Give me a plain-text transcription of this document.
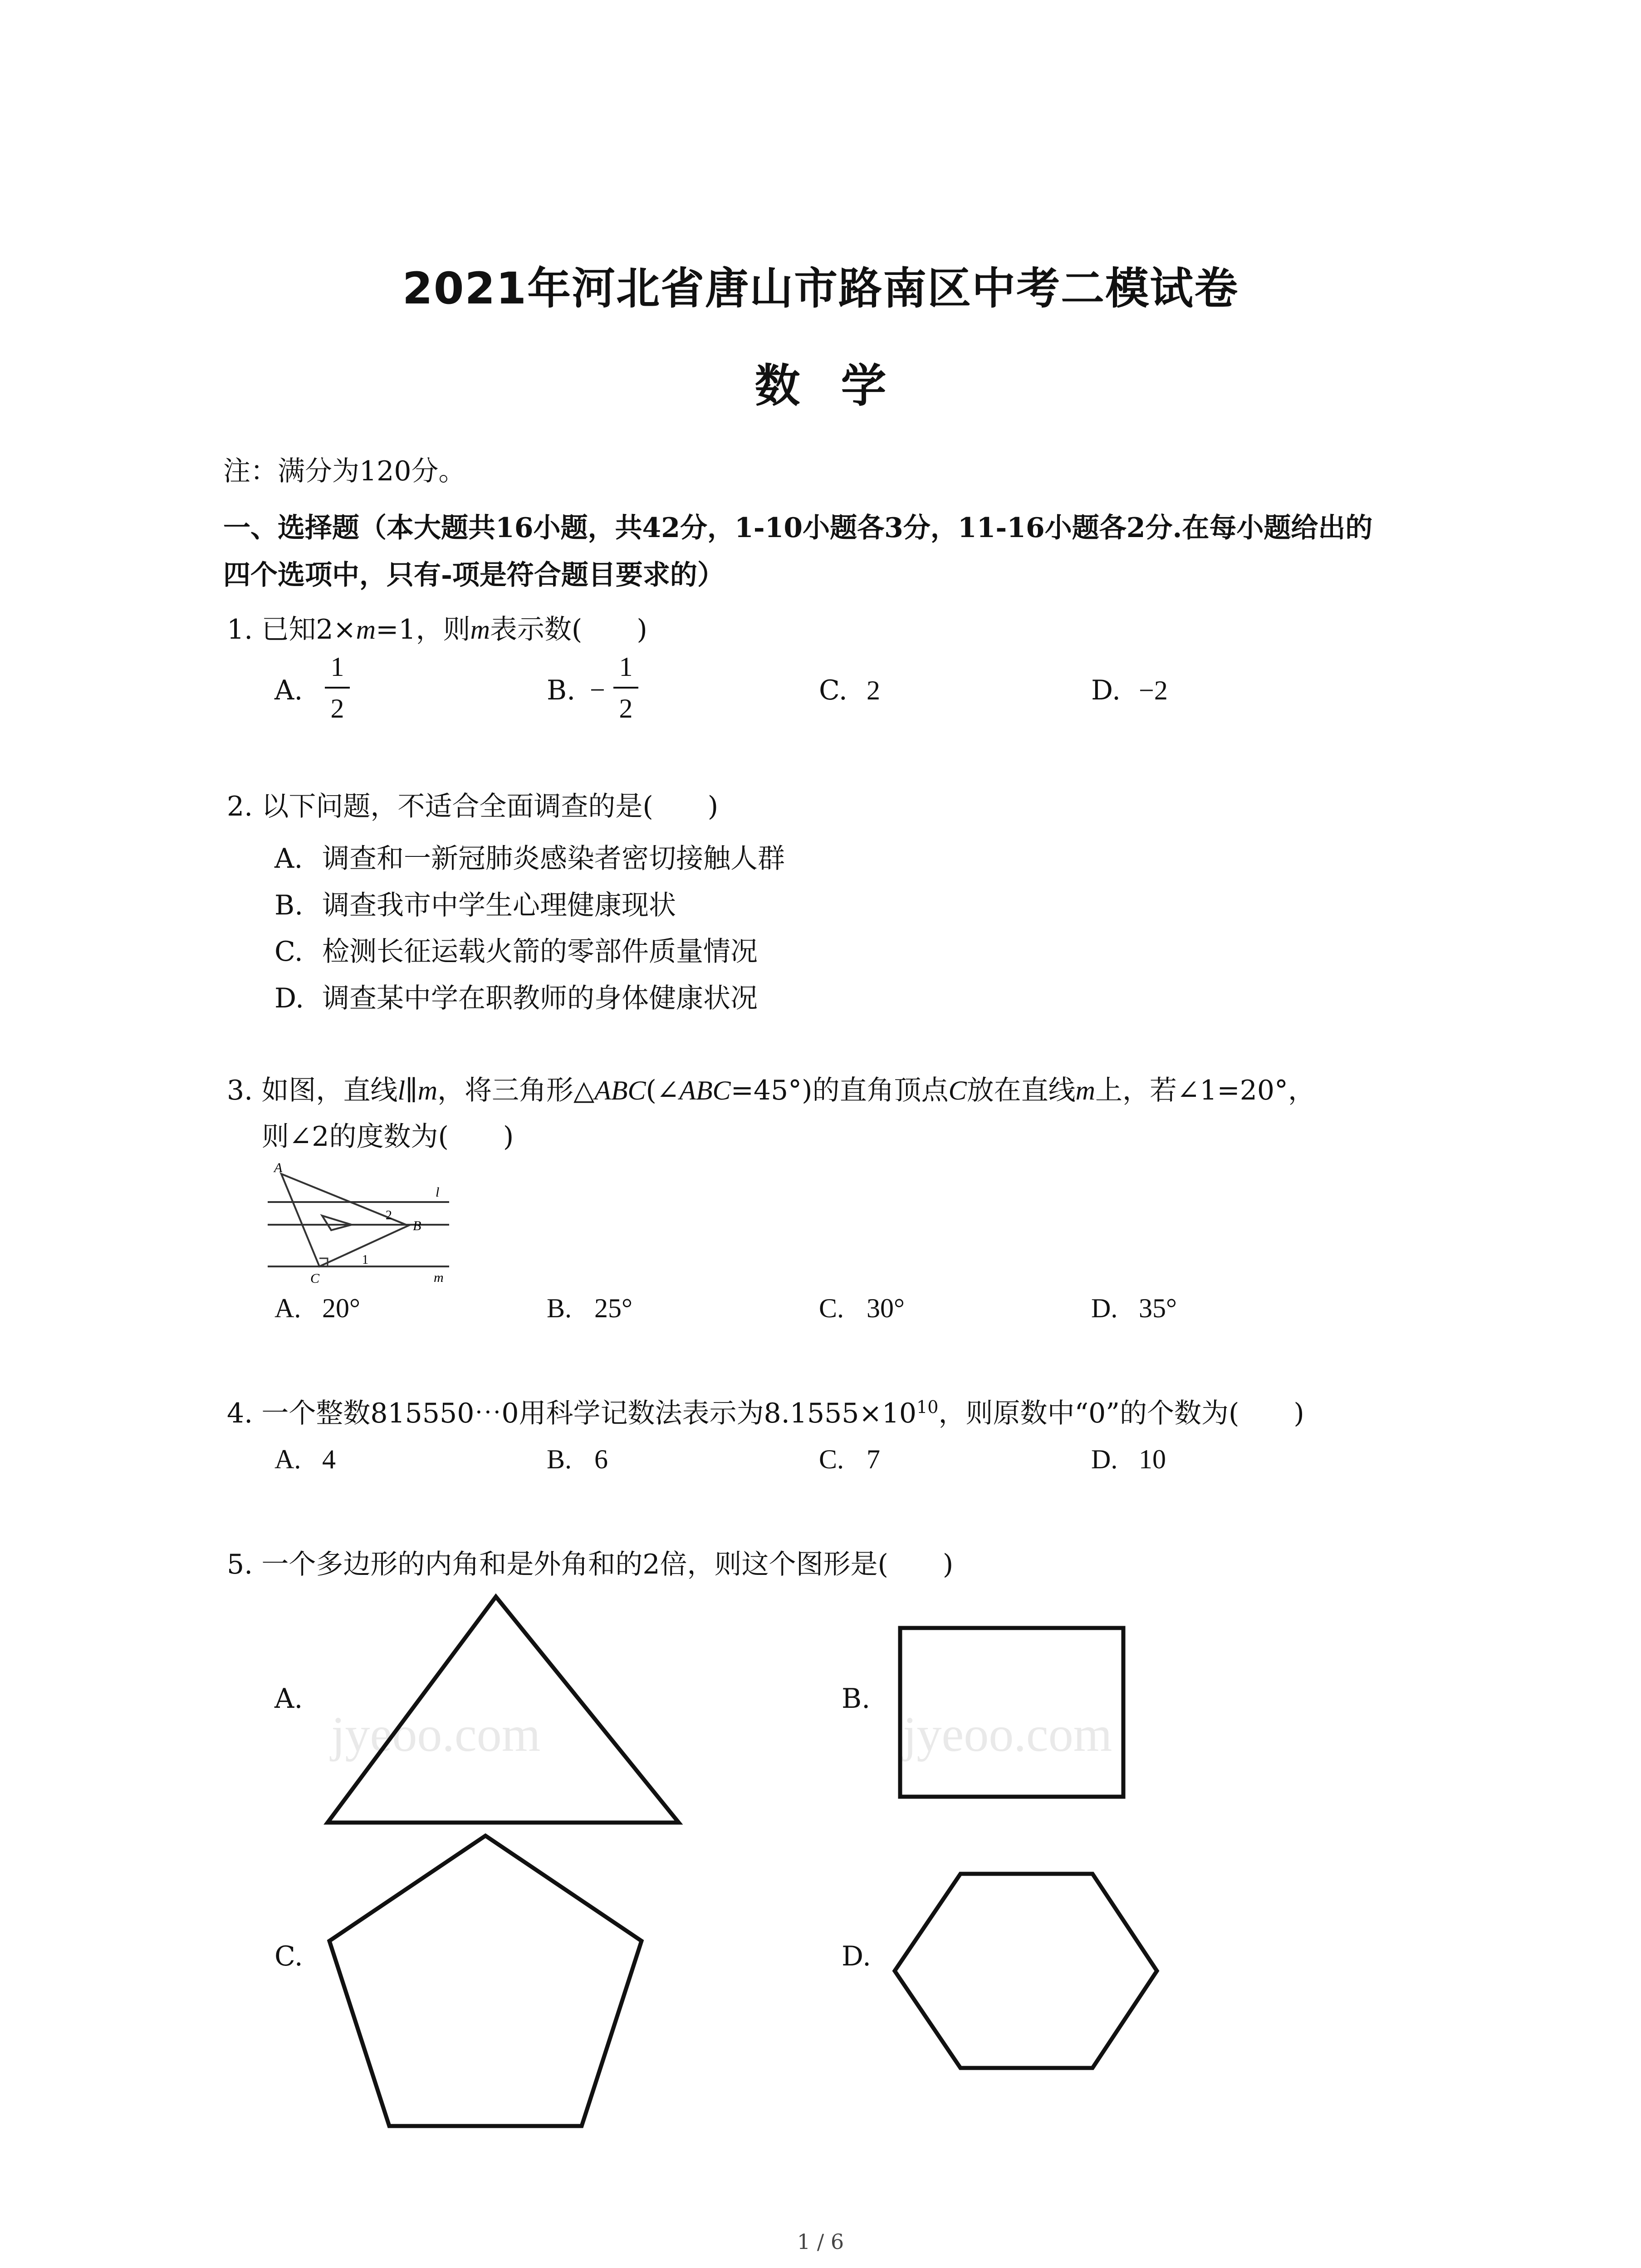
2021年河北省唐山市路南区中考二模试卷
数 学
注：满分为120分。
一、选择题（本大题共16小题，共42分，1-10小题各3分，11-16小题各2分.在每小题给出的
四个选项中，只有-项是符合题目要求的）
1. 已知2×m=1，则m表示数(　　)
A.
1
2
B. −
1
2
C. 2	D. −2
2. 以下问题，不适合全面调查的是(　　)
A. 调查和一新冠肺炎感染者密切接触人群
B. 调查我市中学生心理健康现状
C. 检测长征运载火箭的零部件质量情况
D. 调查某中学在职教师的身体健康状况
3. 如图，直线l∥m，将三角形△ABC(∠ABC=45°)的直角顶点C放在直线m上，若∠1=20°，
则∠2的度数为(　　)
A
B
C
l
m
2
1
A. 20°	B. 25°	C. 30°	D. 35°
4. 一个整数815550⋯0用科学记数法表示为$8.1555\times 10^{10}$，则原数中“0”的个数为(　　)
A. 4	B. 6	C. 7	D. 10
5. 一个多边形的内角和是外角和的2倍，则这个图形是(　　)
jyeoo.com	jyeoo.com
A.	B.
C.	D.
1 / 6
